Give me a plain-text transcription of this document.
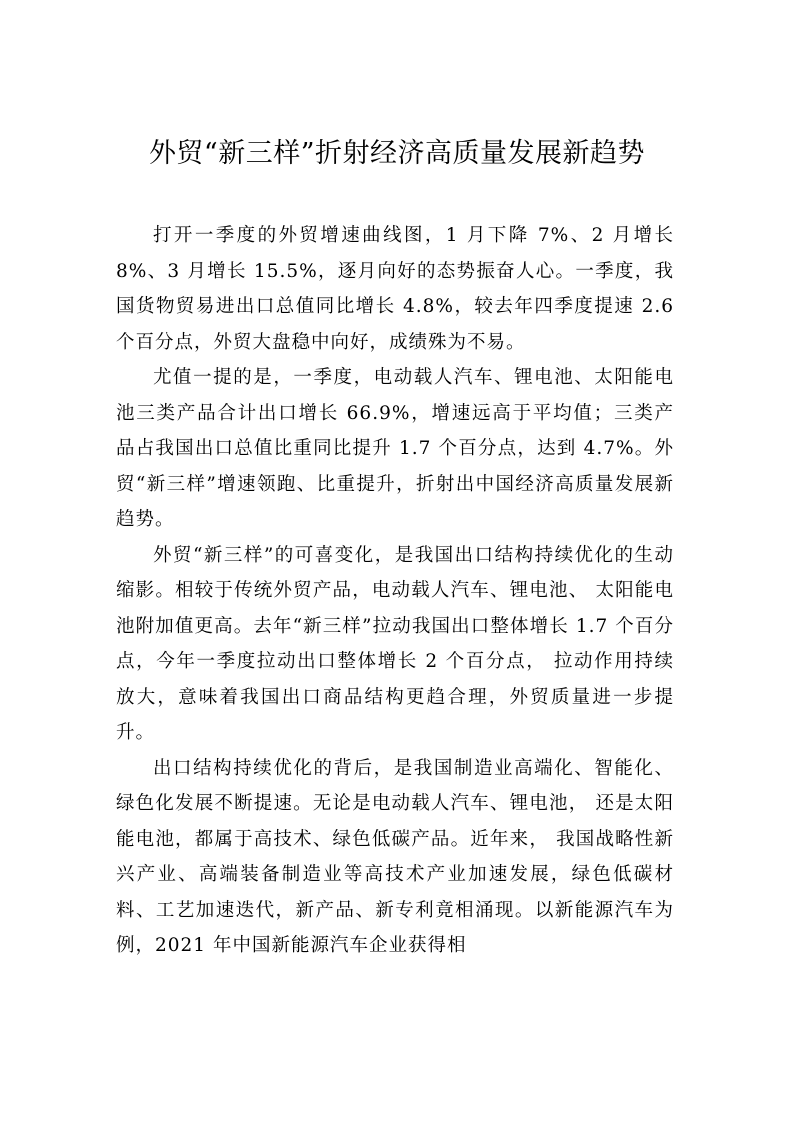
外贸“新三样”折射经济高质量发展新趋势

打开一季度的外贸增速曲线图，1 月下降 7%、2 月增长 8%、3 月增长 15.5%，逐月向好的态势振奋人心。一季度，我国货物贸易进出口总值同比增长 4.8%，较去年四季度提速 2.6 个百分点，外贸大盘稳中向好，成绩殊为不易。

尤值一提的是，一季度，电动载人汽车、锂电池、太阳能电池三类产品合计出口增长 66.9%，增速远高于平均值；三类产品占我国出口总值比重同比提升 1.7 个百分点，达到 4.7%。外贸“新三样”增速领跑、比重提升，折射出中国经济高质量发展新趋势。

外贸“新三样”的可喜变化，是我国出口结构持续优化的生动缩影。相较于传统外贸产品，电动载人汽车、锂电池、 太阳能电池附加值更高。去年“新三样”拉动我国出口整体增长 1.7 个百分点，今年一季度拉动出口整体增长 2 个百分点， 拉动作用持续放大，意味着我国出口商品结构更趋合理，外贸质量进一步提升。

出口结构持续优化的背后，是我国制造业高端化、智能化、绿色化发展不断提速。无论是电动载人汽车、锂电池， 还是太阳能电池，都属于高技术、绿色低碳产品。近年来， 我国战略性新兴产业、高端装备制造业等高技术产业加速发展，绿色低碳材料、工艺加速迭代，新产品、新专利竟相涌现。以新能源汽车为例，2021 年中国新能源汽车企业获得相
